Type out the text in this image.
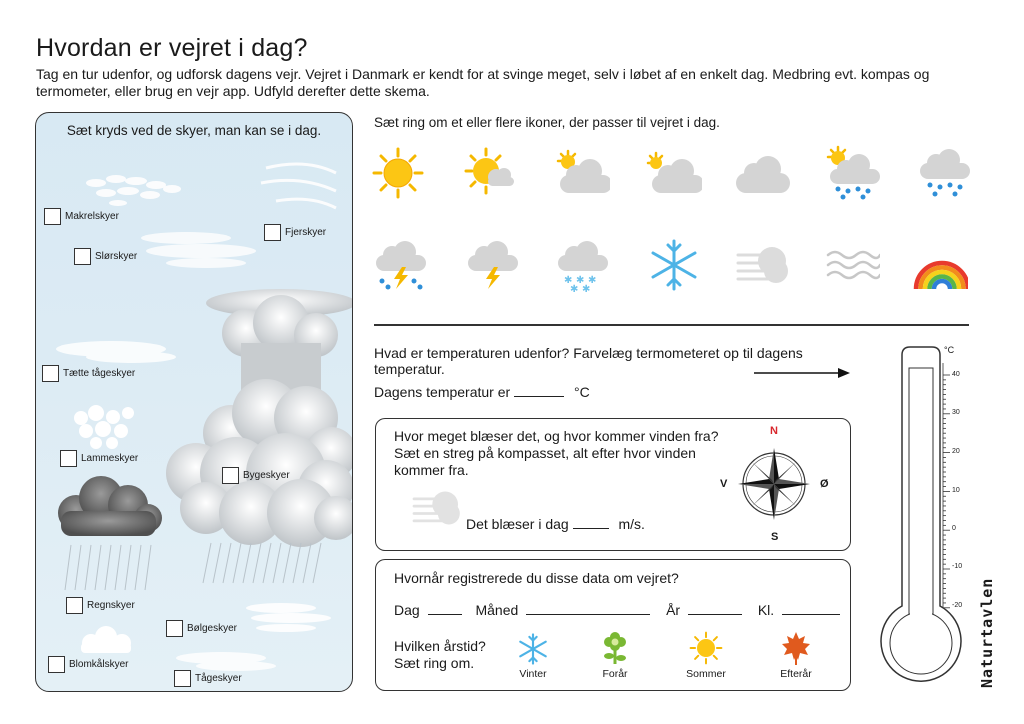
Hvordan er vejret i dag?
Tag en tur udenfor, og udforsk dagens vejr. Vejret i Danmark er kendt for at svinge meget, selv i løbet af en enkelt dag. Medbring evt. kompas og termometer, eller brug en vejr app. Udfyld derefter dette skema.
Sæt kryds ved de skyer, man kan se i dag.
Makrelskyer
Fjerskyer
Slørskyer
Tætte tågeskyer
Lammeskyer
Bygeskyer
Regnskyer
Bølgeskyer
Blomkålskyer
Tågeskyer
Sæt ring om et eller flere ikoner, der passer til vejret i dag.
✱ ✱ ✱
✱ ✱
Hvad er temperaturen udenfor? Farvelæg termometeret op til dagens temperatur.
Dagens temperatur er	°C
°C
40
30
20
10
0
-10
-20
Hvor meget blæser det, og hvor kommer vinden fra? Sæt en streg på kompasset, alt efter hvor vinden kommer fra.
Det blæser i dag	m/s.
N
S
V	Ø
Hvornår registrerede du disse data om vejret?
Dag	Måned	År	Kl.
Hvilken årstid? Sæt ring om.
Vinter	Forår	Sommer	Efterår	Naturtavlen
